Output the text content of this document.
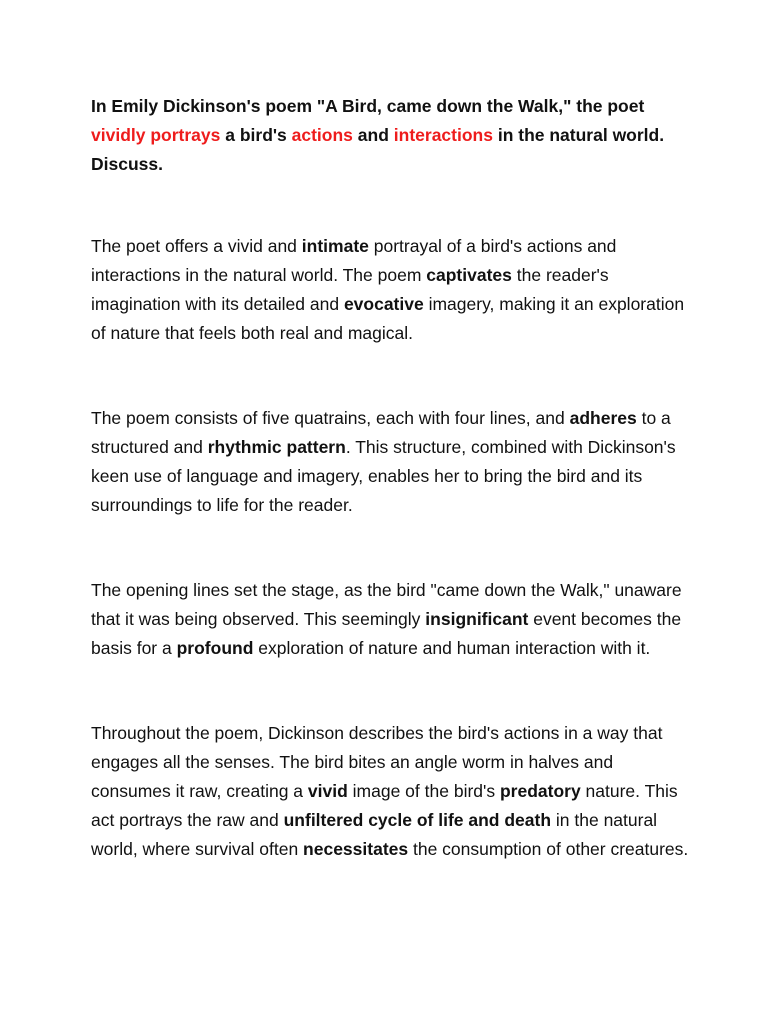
In Emily Dickinson's poem "A Bird, came down the Walk," the poet vividly portrays a bird's actions and interactions in the natural world. Discuss.

The poet offers a vivid and intimate portrayal of a bird's actions and interactions in the natural world. The poem captivates the reader's imagination with its detailed and evocative imagery, making it an exploration of nature that feels both real and magical.

The poem consists of five quatrains, each with four lines, and adheres to a structured and rhythmic pattern. This structure, combined with Dickinson's keen use of language and imagery, enables her to bring the bird and its surroundings to life for the reader.

The opening lines set the stage, as the bird "came down the Walk," unaware that it was being observed. This seemingly insignificant event becomes the basis for a profound exploration of nature and human interaction with it.

Throughout the poem, Dickinson describes the bird's actions in a way that engages all the senses. The bird bites an angle worm in halves and consumes it raw, creating a vivid image of the bird's predatory nature. This act portrays the raw and unfiltered cycle of life and death in the natural world, where survival often necessitates the consumption of other creatures.
